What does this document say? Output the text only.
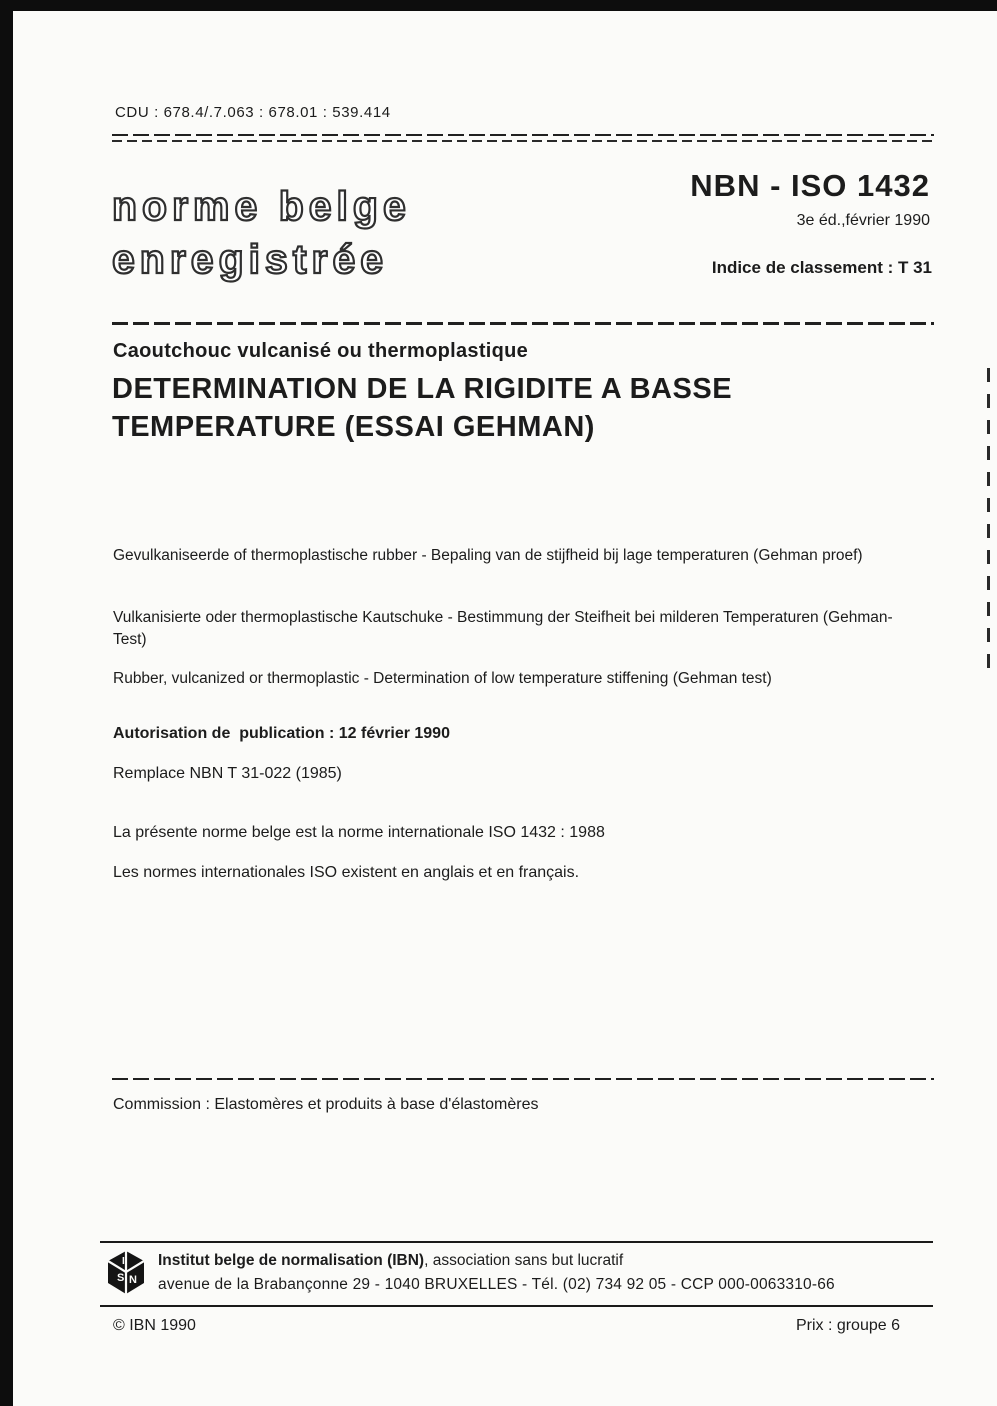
CDU : 678.4/.7.063 : 678.01 : 539.414
norme belge
enregistrée
NBN - ISO 1432
3e éd.,février 1990
Indice de classement : T 31
Caoutchouc vulcanisé ou thermoplastique
DETERMINATION DE LA RIGIDITE A BASSE
TEMPERATURE (ESSAI GEHMAN)
Gevulkaniseerde of thermoplastische rubber - Bepaling van de stijfheid bij lage temperaturen (Gehman proef)
Vulkanisierte oder thermoplastische Kautschuke - Bestimmung der Steifheit bei milderen Temperaturen (Gehman-Test)
Rubber, vulcanized or thermoplastic - Determination of low temperature stiffening (Gehman test)
Autorisation de  publication : 12 février 1990
Remplace NBN T 31-022 (1985)
La présente norme belge est la norme internationale ISO 1432 : 1988
Les normes internationales ISO existent en anglais et en français.
Commission : Elastomères et produits à base d'élastomères
S N
I Institut belge de normalisation (IBN), association sans but lucratif
avenue de la Brabançonne 29 - 1040 BRUXELLES - Tél. (02) 734 92 05 - CCP 000-0063310-66
© IBN 1990	Prix : groupe 6
